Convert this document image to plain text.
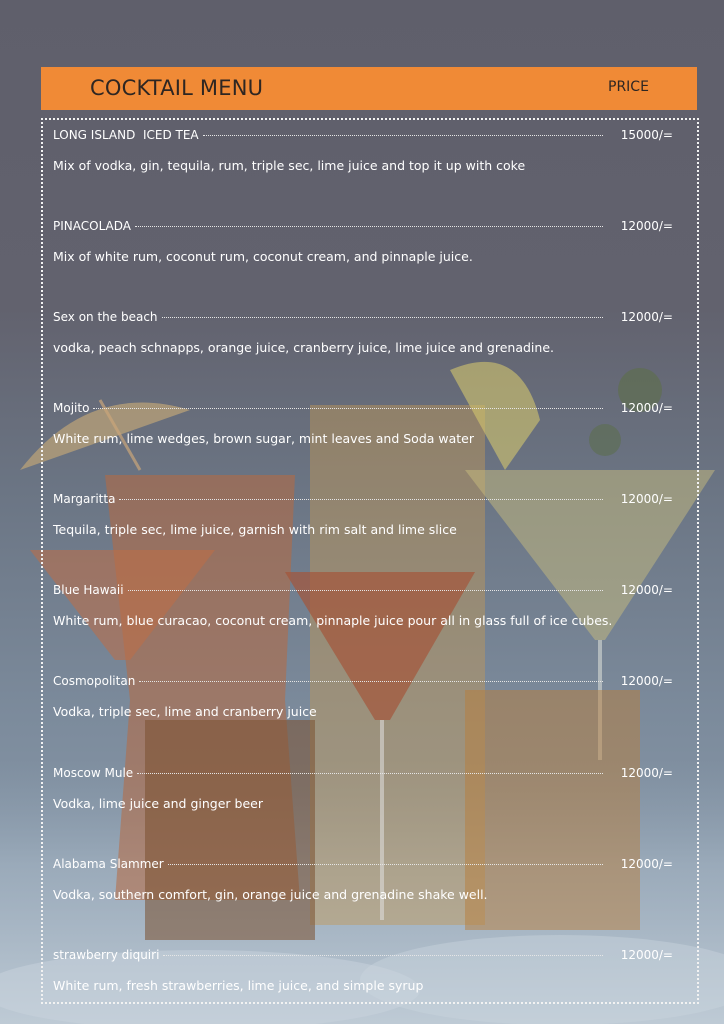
COCKTAIL MENU	PRICE
LONG ISLAND  ICED TEA	15000/=
Mix of vodka, gin, tequila, rum, triple sec, lime juice and top it up with coke
PINACOLADA	12000/=
Mix of white rum, coconut rum, coconut cream, and pinnaple juice.
Sex on the beach	12000/=
vodka, peach schnapps, orange juice, cranberry juice, lime juice and grenadine.
Mojito	12000/=
White rum, lime wedges, brown sugar, mint leaves and Soda water
Margaritta	12000/=
Tequila, triple sec, lime juice, garnish with rim salt and lime slice
Blue Hawaii	12000/=
White rum, blue curacao, coconut cream, pinnaple juice pour all in glass full of ice cubes.
Cosmopolitan	12000/=
Vodka, triple sec, lime and cranberry juice
Moscow Mule	12000/=
Vodka, lime juice and ginger beer
Alabama Slammer	12000/=
Vodka, southern comfort, gin, orange juice and grenadine shake well.
strawberry diquiri	12000/=
White rum, fresh strawberries, lime juice, and simple syrup
